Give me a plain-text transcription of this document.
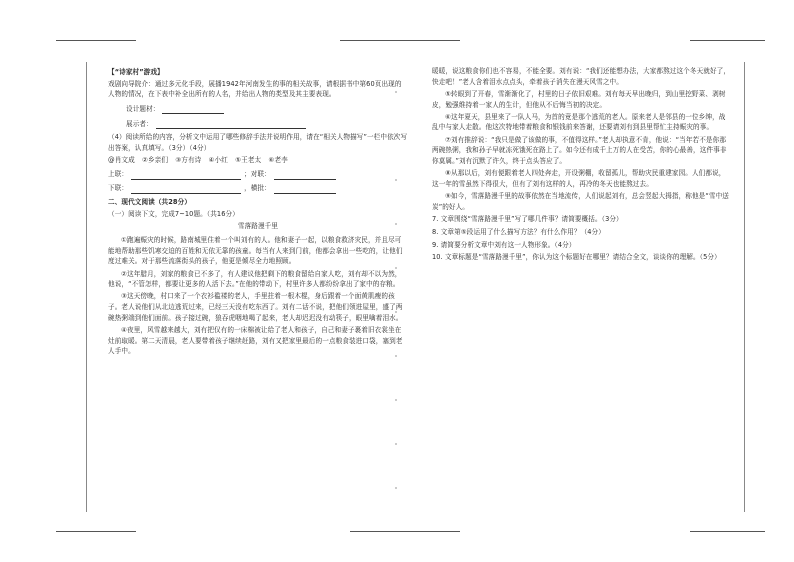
【“诗家村”游戏】

戏剧向导院介：通过多元化手段，展播1942年河南发生的事的相关故事，请根据书中第60页出现的人物的情况，在下表中补全出所有的人名，并给出人物的类型及其主要表现。

设计题材：
展示者：

（4）阅读所给的内容，分析文中运用了哪些修辞手法并说明作用，请在“相关人物描写”一栏中依次写出答案，认真填写。（3分）（4分）

@肖文成 ②乡亲们 ③方有诗 ④小红 ⑤王老太 ⑥老李
上联：	；对联：
下联：	，横批：
二、现代文阅读（共28分）
（一）阅读下文，完成7~10题。（共16分）
雪落路漫千里

①跑遍赈灾的时候，路南城里住着一个叫刘有的人。他和妻子一起，以粮食救济灾民，并且尽可能地帮助那些饥寒交迫的百姓和无依无靠的孩童。每当有人来到门前，他都会拿出一些吃的，让他们度过难关。对于那些流落街头的孩子，他更是倾尽全力地照顾。

②这年腊月，刘家的粮食已不多了，有人建议他把剩下的粮食留给自家人吃，刘有却不以为然，他说，“不管怎样，都要让更多的人活下去。”在他的带动下，村里许多人都纷纷拿出了家中的存粮。

③这天傍晚，村口来了一个衣衫褴褛的老人，手里拄着一根木棍，身后跟着一个面黄肌瘦的孩子。老人说他们从北边逃荒过来，已经三天没有吃东西了。刘有二话不说，把他们领进屋里，盛了两碗热粥端到他们面前。孩子接过碗，狼吞虎咽地喝了起来，老人却迟迟没有动筷子，眼里噙着泪水。

④夜里，风雪越来越大，刘有把仅有的一床棉被让给了老人和孩子，自己和妻子裹着旧衣裳坐在灶前取暖。第二天清晨，老人要带着孩子继续赶路，刘有又把家里最后的一点粮食装进口袋，塞到老人手中。

暖暖，说这粮食你们也不容易，不能全要。刘有说：“我们还能想办法，大家都熬过这个冬天就好了，快走吧！”老人含着泪水点点头，牵着孩子消失在漫天风雪之中。

⑤转眼到了开春，雪渐渐化了，村里的日子依旧艰难。刘有每天早出晚归，到山里挖野菜、剥树皮，勉强维持着一家人的生计，但他从不后悔当初的决定。

⑥这年夏天，县里来了一队人马，为首的竟是那个逃荒的老人。原来老人是邻县的一位乡绅，战乱中与家人走散。他这次特地带着粮食和银钱前来答谢，还要请刘有到县里帮忙主持赈灾的事。

⑦刘有推辞说：“我只是做了该做的事，不值得这样。”老人却执意不肯，他说：“当年若不是你那两碗热粥，我和孙子早就冻死饿死在路上了。如今还有成千上万的人在受苦，你的心最善，这件事非你莫属。”刘有沉默了许久，终于点头答应了。

⑧从那以后，刘有便跟着老人四处奔走，开设粥棚，收留孤儿，帮助灾民重建家园。人们都说，这一年的雪虽然下得很大，但有了刘有这样的人，再冷的冬天也能熬过去。

⑨如今，雪落路漫千里的故事依然在当地流传，人们说起刘有，总会竖起大拇指，称他是“雪中送炭”的好人。

7. 文章围绕“雪落路漫千里”写了哪几件事？请简要概括。（3分）
8. 文章第⑤段运用了什么描写方法？有什么作用？（4分）
9. 请简要分析文章中刘有这一人物形象。（4分）
10. 文章标题是“雪落路漫千里”，你认为这个标题好在哪里？请结合全文，谈谈你的理解。（5分）
